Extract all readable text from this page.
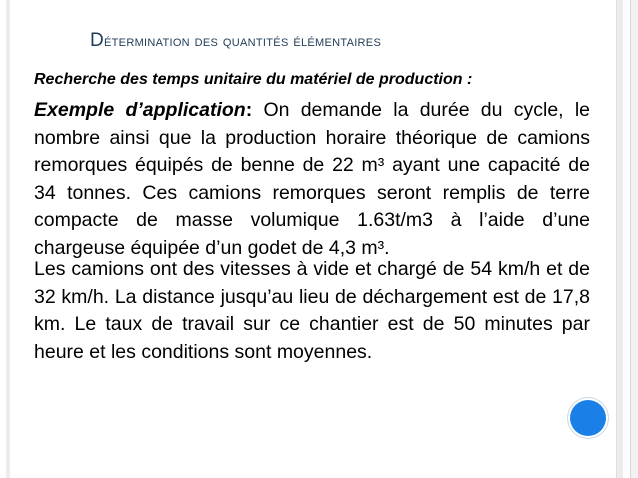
Détermination des quantités élémentaires
Recherche des temps unitaire du matériel de production :

Exemple d’application: On demande la durée du cycle, le nombre ainsi que la production horaire théorique de camions remorques équipés de benne de 22 m³ ayant une capacité de 34 tonnes. Ces camions remorques seront remplis de terre compacte de masse volumique 1.63t/m3 à l’aide d’une chargeuse équipée d’un godet de 4,3 m³.

Les camions ont des vitesses à vide et chargé de 54 km/h et de 32 km/h. La distance jusqu’au lieu de déchargement est de 17,8 km. Le taux de travail sur ce chantier est de 50 minutes par heure et les conditions sont moyennes.
